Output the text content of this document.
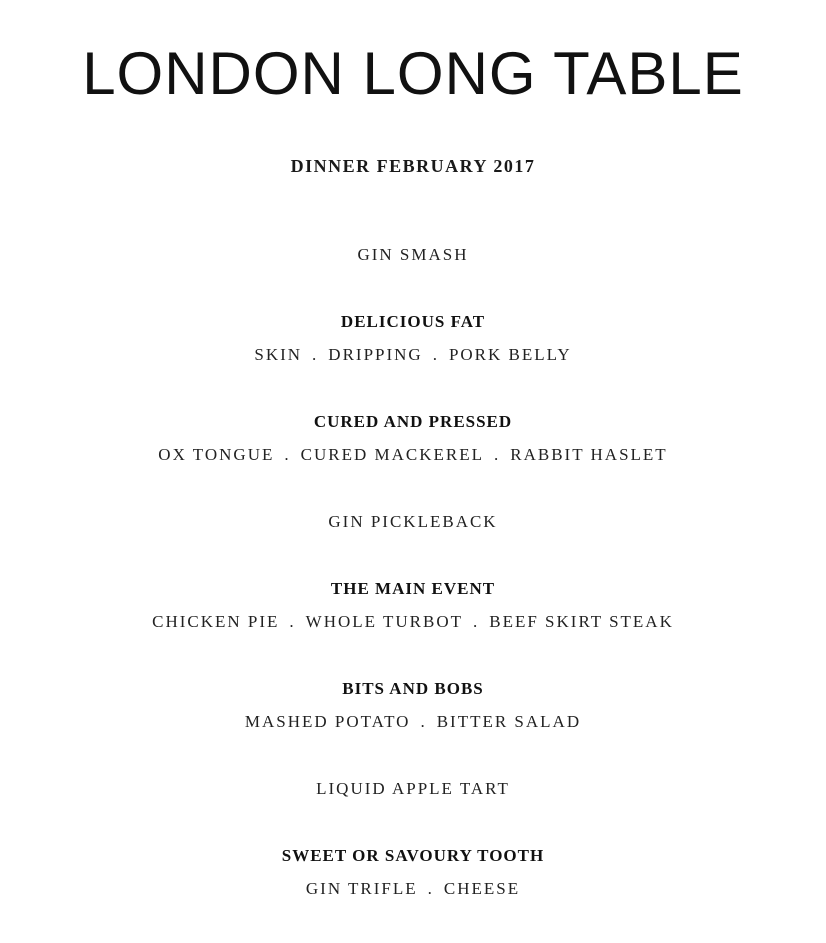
LONDON LONG TABLE
DINNER FEBRUARY 2017
GIN SMASH
DELICIOUS FAT
SKIN . DRIPPING . PORK BELLY
CURED AND PRESSED
OX TONGUE . CURED MACKEREL . RABBIT HASLET
GIN PICKLEBACK
THE MAIN EVENT
CHICKEN PIE . WHOLE TURBOT . BEEF SKIRT STEAK
BITS AND BOBS
MASHED POTATO . BITTER SALAD
LIQUID APPLE TART
SWEET OR SAVOURY TOOTH
GIN TRIFLE . CHEESE
